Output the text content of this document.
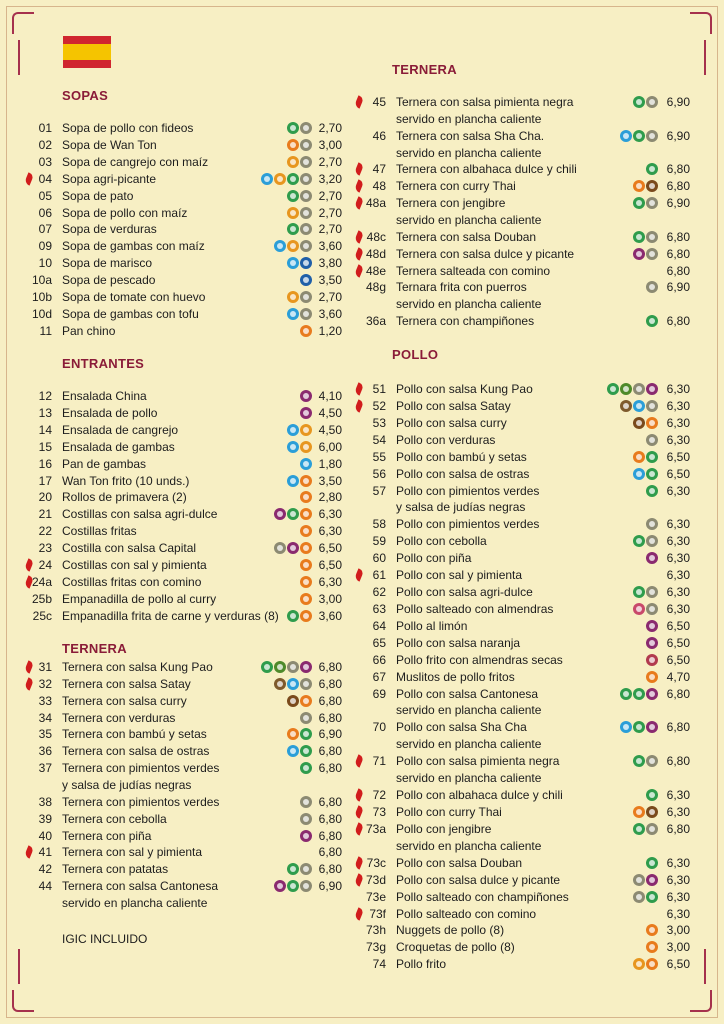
SOPAS
01 Sopa de pollo con fideos	2,70
02 Sopa de Wan Ton	3,00
03 Sopa de cangrejo con maíz	2,70
04 Sopa agri-picante	3,20
05 Sopa de pato	2,70
06 Sopa de pollo con maíz	2,70
07 Sopa de verduras	2,70
09 Sopa de gambas con maíz	3,60
10 Sopa de marisco	3,80
10a Sopa de pescado	3,50
10b Sopa de tomate con huevo	2,70
10d Sopa de gambas con tofu	3,60
11 Pan chino	1,20
ENTRANTES
12 Ensalada China	4,10
13 Ensalada de pollo	4,50
14 Ensalada de cangrejo	4,50
15 Ensalada de gambas	6,00
16 Pan de gambas	1,80
17 Wan Ton frito (10 unds.)	3,50
20 Rollos de primavera (2)	2,80
21 Costillas con salsa agri-dulce	6,30
22 Costillas fritas	6,30
23 Costilla con salsa Capital	6,50
24 Costillas con sal y pimienta	6,50
24a Costillas fritas con comino	6,30
25b Empanadilla de pollo al curry	3,00
25c Empanadilla frita de carne y verduras (8)	3,60
TERNERA
31 Ternera con salsa Kung Pao	6,80
32 Ternera con salsa Satay	6,80
33 Ternera con salsa curry	6,80
34 Ternera con verduras	6,80
35 Ternera con bambú y setas	6,90
36 Ternera con salsa de ostras	6,80
37 Ternera con pimientos verdes	6,80
y salsa de judías negras
38 Ternera con pimientos verdes	6,80
39 Ternera con cebolla	6,80
40 Ternera con piña	6,80
41 Ternera con sal y pimienta	6,80
42 Ternera con patatas	6,80
44 Ternera con salsa Cantonesa	6,90
servido en plancha caliente
TERNERA
45 Ternera con salsa pimienta negra	6,90
servido en plancha caliente
46 Ternera con salsa Sha Cha.	6,90
servido en plancha caliente
47 Ternera con albahaca dulce y chili	6,80
48 Ternera con curry Thai	6,80
48a Ternera con jengibre	6,90
servido en plancha caliente
48c Ternera con salsa Douban	6,80
48d Ternera con salsa dulce y picante	6,80
48e Ternera salteada con comino	6,80
48g Ternara frita con puerros	6,90
servido en plancha caliente
36a Ternera con champiñones	6,80
POLLO
51 Pollo con salsa Kung Pao	6,30
52 Pollo con salsa Satay	6,30
53 Pollo con salsa curry	6,30
54 Pollo con verduras	6,30
55 Pollo con bambú y setas	6,50
56 Pollo con salsa de ostras	6,50
57 Pollo con pimientos verdes	6,30
y salsa de judías negras
58 Pollo con pimientos verdes	6,30
59 Pollo con cebolla	6,30
60 Pollo con piña	6,30
61 Pollo con sal y pimienta	6,30
62 Pollo con salsa agri-dulce	6,30
63 Pollo salteado con almendras	6,30
64 Pollo al limón	6,50
65 Pollo con salsa naranja	6,50
66 Pollo frito con almendras secas	6,50
67 Muslitos de pollo fritos	4,70
69 Pollo con salsa Cantonesa	6,80
servido en plancha caliente
70 Pollo con salsa Sha Cha	6,80
servido en plancha caliente
71 Pollo con salsa pimienta negra	6,80
servido en plancha caliente
72 Pollo con albahaca dulce y chili	6,30
73 Pollo con curry Thai	6,30
73a Pollo con jengibre	6,80
servido en plancha caliente
73c Pollo con salsa Douban	6,30
73d Pollo con salsa dulce y picante	6,30
73e Pollo salteado con champiñones	6,30
73f Pollo salteado con comino	6,30
73h Nuggets de pollo (8)	3,00
73g Croquetas de pollo (8)	3,00
74 Pollo frito	6,50
IGIC INCLUIDO
